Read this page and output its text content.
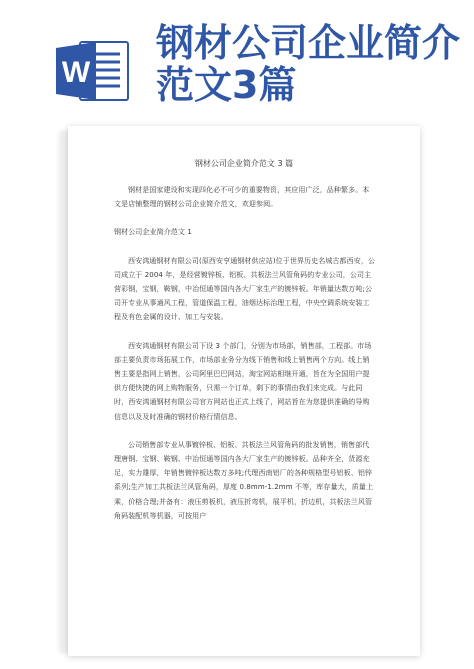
W
钢材公司企业简介
范文3篇
钢材公司企业简介范文 3 篇

钢材是国家建设和实现四化必不可少的重要物资，其应用广泛，品种繁多。本文是店铺整理的钢材公司企业简介范文，欢迎参阅。

钢材公司企业简介范文 1

西安鸿通钢材有限公司(原西安亨通钢材供应站)位于世界历史名城古都西安，公司成立于 2004 年，是经营镀锌板、铝板、共板法兰风管角码的专业公司，公司主营彩钢，宝钢，鞍钢，中冶恒通等国内各大厂家生产的镀锌板。年销量达数万吨;公司开专业从事通风工程，管道保温工程，油烟达标治理工程，中央空调系统安装工程及有色金属的设计、加工与安装。

西安鸿通钢材有限公司下设 3 个部门，分别为市场部，销售部，工程部。市场部主要负责市场拓展工作，市场部业务分为线下销售和线上销售两个方向。线上销售主要是指网上销售，公司阿里巴巴网站，淘宝网站相继开通，旨在为全国用户提供方便快捷的网上购物服务，只需一个订单，剩下的事情由我们来完成。与此同时，西安鸿通钢材有限公司官方网站也正式上线了，网站旨在为您提供准确的导购信息以及及时准确的钢材价格行情信息。

公司销售部专业从事镀锌板、铝板、共板法兰风管角码的批发销售，销售部代理唐钢、宝钢、鞍钢、中冶恒通等国内各大厂家生产的镀锌板。品种齐全，货源充足，实力雄厚，年销售镀锌板达数万多吨;代理西南铝厂的各种规格型号铝板、铝锌系列;生产加工共板法兰风管角码，厚度 0.8mm-1.2mm 不等，库存量大，质量上乘，价格合理;并备有：液压剪板机，液压折弯机，展平机，折边机，共板法兰风管角码装配机等机器，可按用户
